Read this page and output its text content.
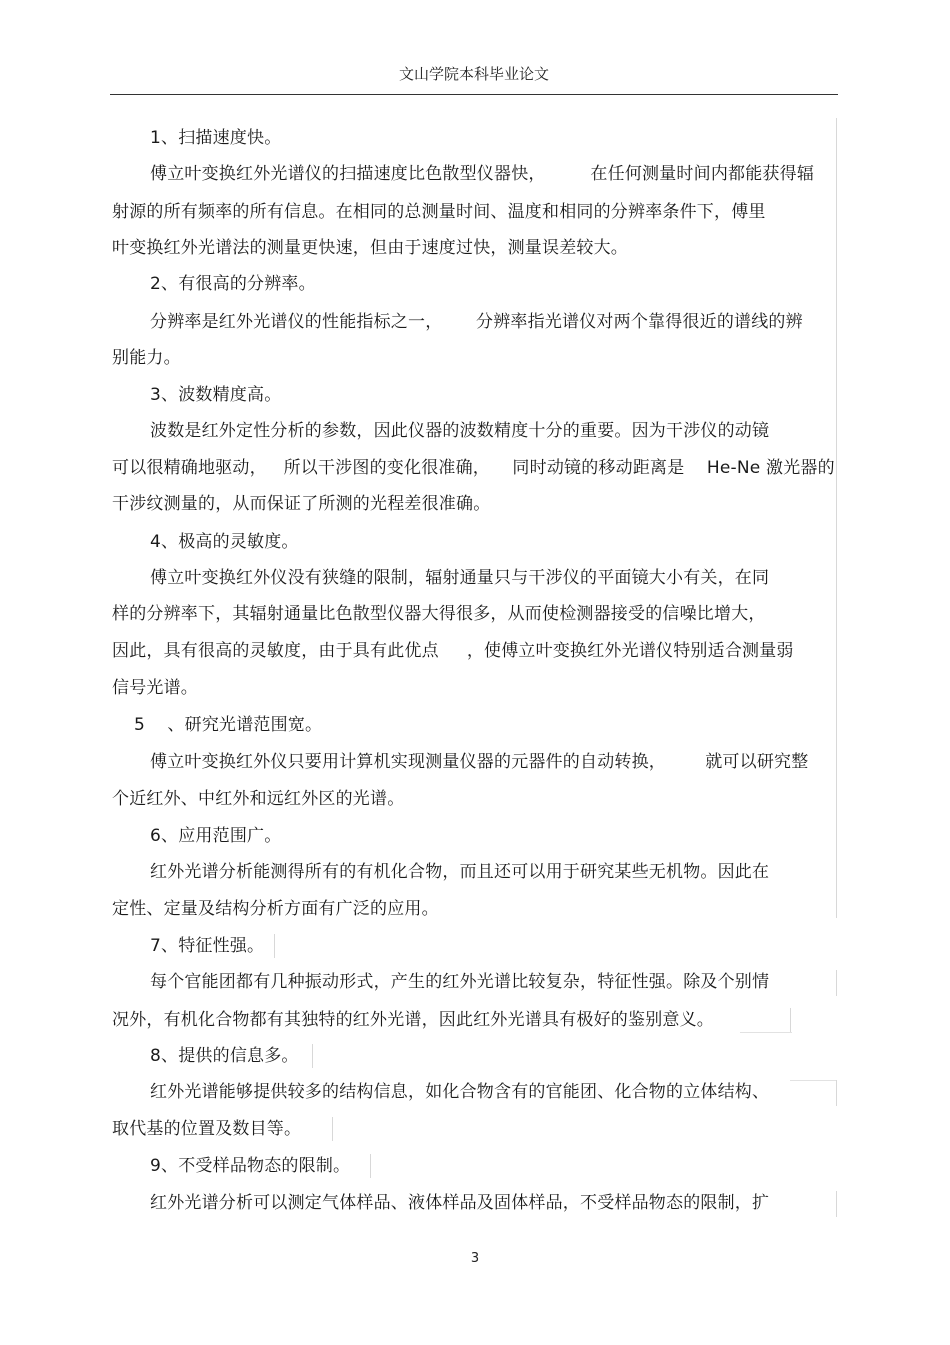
文山学院本科毕业论文
1、扫描速度快。
傅立叶变换红外光谱仪的扫描速度比色散型仪器快，        在任何测量时间内都能获得辐
射源的所有频率的所有信息。在相同的总测量时间、温度和相同的分辨率条件下，傅里
叶变换红外光谱法的测量更快速，但由于速度过快，测量误差较大。
2、有很高的分辨率。
分辨率是红外光谱仪的性能指标之一，      分辨率指光谱仪对两个靠得很近的谱线的辨
别能力。
3、波数精度高。
波数是红外定性分析的参数，因此仪器的波数精度十分的重要。因为干涉仪的动镜
可以很精确地驱动，   所以干涉图的变化很准确，    同时动镜的移动距离是    He-Ne 激光器的
干涉纹测量的，从而保证了所测的光程差很准确。
4、极高的灵敏度。
傅立叶变换红外仪没有狭缝的限制，辐射通量只与干涉仪的平面镜大小有关，在同
样的分辨率下，其辐射通量比色散型仪器大得很多，从而使检测器接受的信噪比增大，
因此，具有很高的灵敏度，由于具有此优点     ，使傅立叶变换红外光谱仪特别适合测量弱
信号光谱。
5    、研究光谱范围宽。
傅立叶变换红外仪只要用计算机实现测量仪器的元器件的自动转换，       就可以研究整
个近红外、中红外和远红外区的光谱。
6、应用范围广。
红外光谱分析能测得所有的有机化合物，而且还可以用于研究某些无机物。因此在
定性、定量及结构分析方面有广泛的应用。
7、特征性强。
每个官能团都有几种振动形式，产生的红外光谱比较复杂，特征性强。除及个别情
况外，有机化合物都有其独特的红外光谱，因此红外光谱具有极好的鉴别意义。
8、提供的信息多。
红外光谱能够提供较多的结构信息，如化合物含有的官能团、化合物的立体结构、
取代基的位置及数目等。
9、不受样品物态的限制。
红外光谱分析可以测定气体样品、液体样品及固体样品，不受样品物态的限制，扩
3
